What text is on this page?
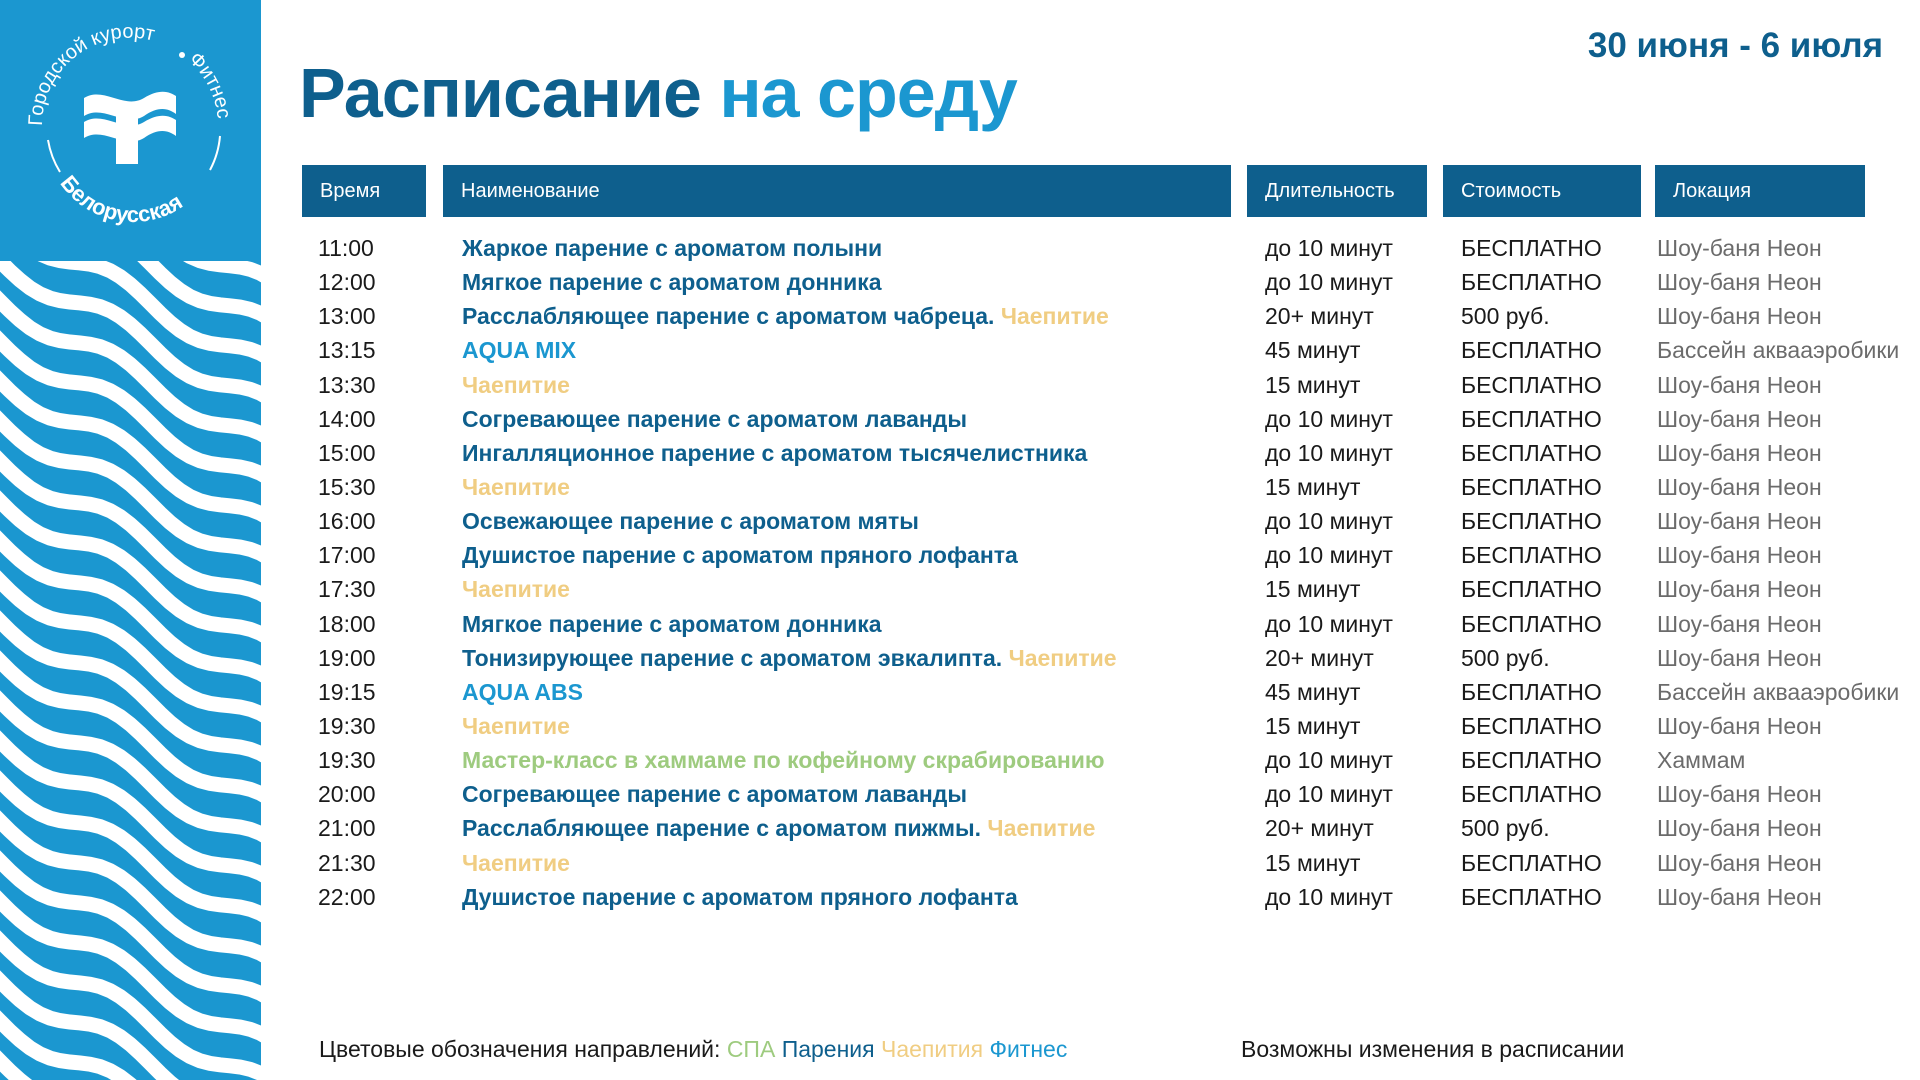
Городской курорт
Фитнес
Белорусская
Расписание на среду
30 июня - 6 июля
Время	Наименование	Длительность	Стоимость	Локация
11:00	Жаркое парение с ароматом полыни	до 10 минут	БЕСПЛАТНО Шоу-баня Неон
12:00	Мягкое парение с ароматом донника	до 10 минут	БЕСПЛАТНО Шоу-баня Неон
13:00	Расслабляющее парение с ароматом чабреца. Чаепитие	20+ минут	500 руб.	Шоу-баня Неон
13:15	AQUA MIX	45 минут	БЕСПЛАТНО Бассейн аквааэробики
13:30	Чаепитие	15 минут	БЕСПЛАТНО Шоу-баня Неон
14:00	Согревающее парение с ароматом лаванды	до 10 минут	БЕСПЛАТНО Шоу-баня Неон
15:00	Ингалляционное парение с ароматом тысячелистника	до 10 минут	БЕСПЛАТНО Шоу-баня Неон
15:30	Чаепитие	15 минут	БЕСПЛАТНО Шоу-баня Неон
16:00	Освежающее парение с ароматом мяты	до 10 минут	БЕСПЛАТНО Шоу-баня Неон
17:00	Душистое парение с ароматом пряного лофанта	до 10 минут	БЕСПЛАТНО Шоу-баня Неон
17:30	Чаепитие	15 минут	БЕСПЛАТНО Шоу-баня Неон
18:00	Мягкое парение с ароматом донника	до 10 минут	БЕСПЛАТНО Шоу-баня Неон
19:00	Тонизирующее парение с ароматом эвкалипта. Чаепитие	20+ минут	500 руб.	Шоу-баня Неон
19:15	AQUA ABS	45 минут	БЕСПЛАТНО Бассейн аквааэробики
19:30	Чаепитие	15 минут	БЕСПЛАТНО Шоу-баня Неон
19:30	Мастер-класс в хаммаме по кофейному скрабированию	до 10 минут	БЕСПЛАТНО Хаммам
20:00	Согревающее парение с ароматом лаванды	до 10 минут	БЕСПЛАТНО Шоу-баня Неон
21:00	Расслабляющее парение с ароматом пижмы. Чаепитие	20+ минут	500 руб.	Шоу-баня Неон
21:30	Чаепитие	15 минут	БЕСПЛАТНО Шоу-баня Неон
22:00	Душистое парение с ароматом пряного лофанта	до 10 минут	БЕСПЛАТНО Шоу-баня Неон
Цветовые обозначения направлений: СПА Парения Чаепития Фитнес	Возможны изменения в расписании
